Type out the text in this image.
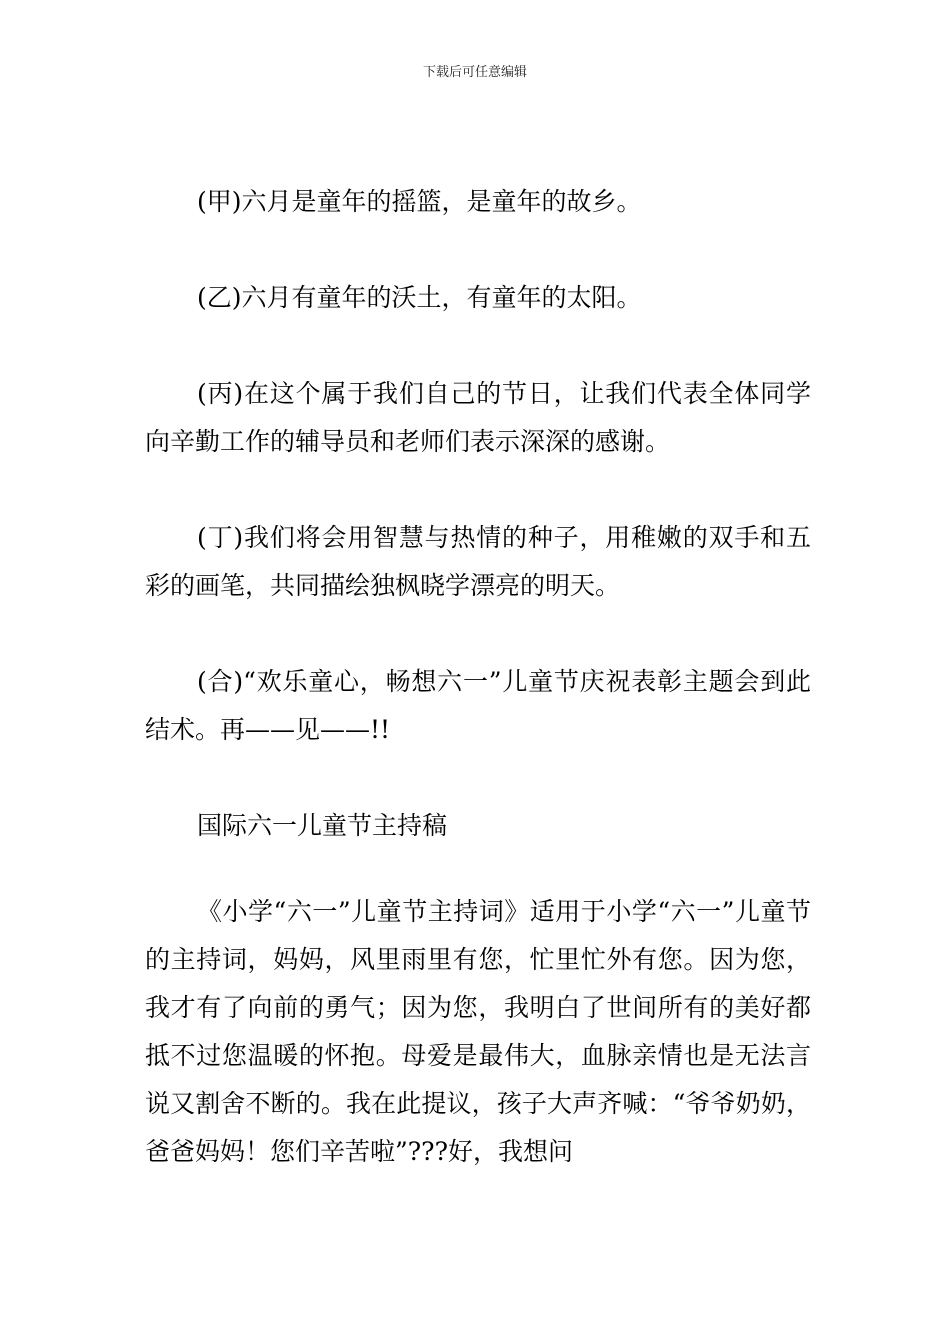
下载后可任意编辑

(甲)六月是童年的摇篮，是童年的故乡。

(乙)六月有童年的沃土，有童年的太阳。

(丙)在这个属于我们自己的节日，让我们代表全体同学向辛勤工作的辅导员和老师们表示深深的感谢。

(丁)我们将会用智慧与热情的种子，用稚嫩的双手和五彩的画笔，共同描绘独枫晓学漂亮的明天。

(合)“欢乐童心，畅想六一”儿童节庆祝表彰主题会到此结术。再——见——!!

国际六一儿童节主持稿

《小学“六一”儿童节主持词》适用于小学“六一”儿童节的主持词，妈妈，风里雨里有您，忙里忙外有您。因为您，我才有了向前的勇气；因为您，我明白了世间所有的美好都抵不过您温暖的怀抱。母爱是最伟大，血脉亲情也是无法言说又割舍不断的。我在此提议，孩子大声齐喊：“爷爷奶奶，爸爸妈妈！您们辛苦啦”???好，我想问
